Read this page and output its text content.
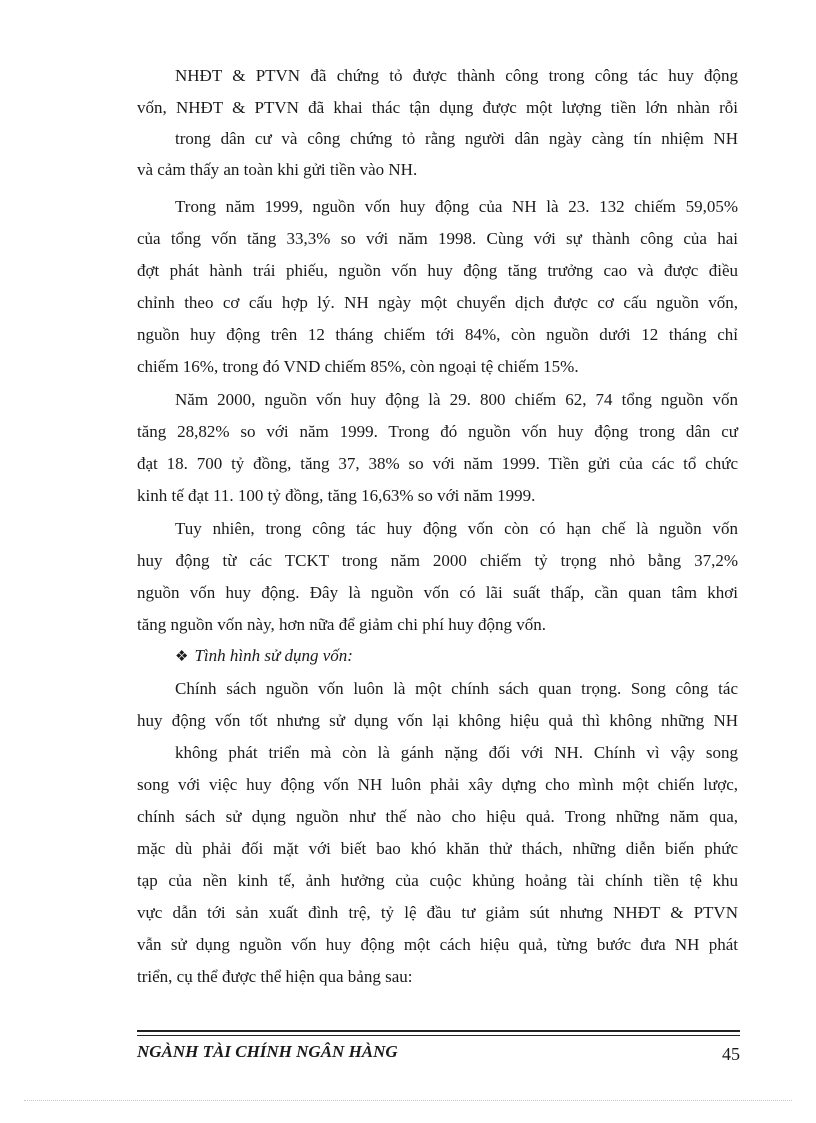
NHĐT & PTVN đã chứng tỏ được thành công trong công tác huy động
vốn, NHĐT & PTVN đã khai thác tận dụng được một lượng tiền lớn nhàn rỗi
trong dân cư và công chứng tỏ rằng người dân ngày càng tín nhiệm NH
và cảm thấy an toàn khi gửi tiền vào NH.
Trong năm 1999, nguồn vốn huy động của NH là 23. 132 chiếm 59,05%
của tổng vốn tăng 33,3% so với năm 1998. Cùng với sự thành công của hai
đợt phát hành trái phiếu, nguồn vốn huy động tăng trưởng cao và được điều
chỉnh theo cơ cấu hợp lý. NH ngày một chuyển dịch được cơ cấu nguồn vốn,
nguồn huy động trên 12 tháng chiếm tới 84%, còn nguồn dưới 12 tháng chỉ
chiếm 16%, trong đó VND chiếm 85%, còn ngoại tệ chiếm 15%.
Năm 2000, nguồn vốn huy động là 29. 800 chiếm 62, 74 tổng nguồn vốn
tăng 28,82% so với năm 1999. Trong đó nguồn vốn huy động trong dân cư
đạt 18. 700 tỷ đồng, tăng 37, 38% so với năm 1999. Tiền gửi của các tổ chức
kinh tế đạt 11. 100 tỷ đồng, tăng 16,63% so với năm 1999.
Tuy nhiên, trong công tác huy động vốn còn có hạn chế là nguồn vốn
huy động từ các TCKT trong năm 2000 chiếm tỷ trọng nhỏ bằng 37,2%
nguồn vốn huy động. Đây là nguồn vốn có lãi suất thấp, cần quan tâm khơi
tăng nguồn vốn này, hơn nữa để giảm chi phí huy động vốn.
❖ Tình hình sử dụng vốn:
Chính sách nguồn vốn luôn là một chính sách quan trọng. Song công tác
huy động vốn tốt nhưng sử dụng vốn lại không hiệu quả thì không những NH
không phát triển mà còn là gánh nặng đối với NH. Chính vì vậy song
song với việc huy động vốn NH luôn phải xây dựng cho mình một chiến lược,
chính sách sử dụng nguồn như thế nào cho hiệu quả. Trong những năm qua,
mặc dù phải đối mặt với biết bao khó khăn thử thách, những diễn biến phức
tạp của nền kinh tế, ảnh hưởng của cuộc khủng hoảng tài chính tiền tệ khu
vực dẫn tới sản xuất đình trệ, tỷ lệ đầu tư giảm sút nhưng NHĐT & PTVN
vẫn sử dụng nguồn vốn huy động một cách hiệu quả, từng bước đưa NH phát
triển, cụ thể được thể hiện qua bảng sau:
NGÀNH TÀI CHÍNH NGÂN HÀNG	45
